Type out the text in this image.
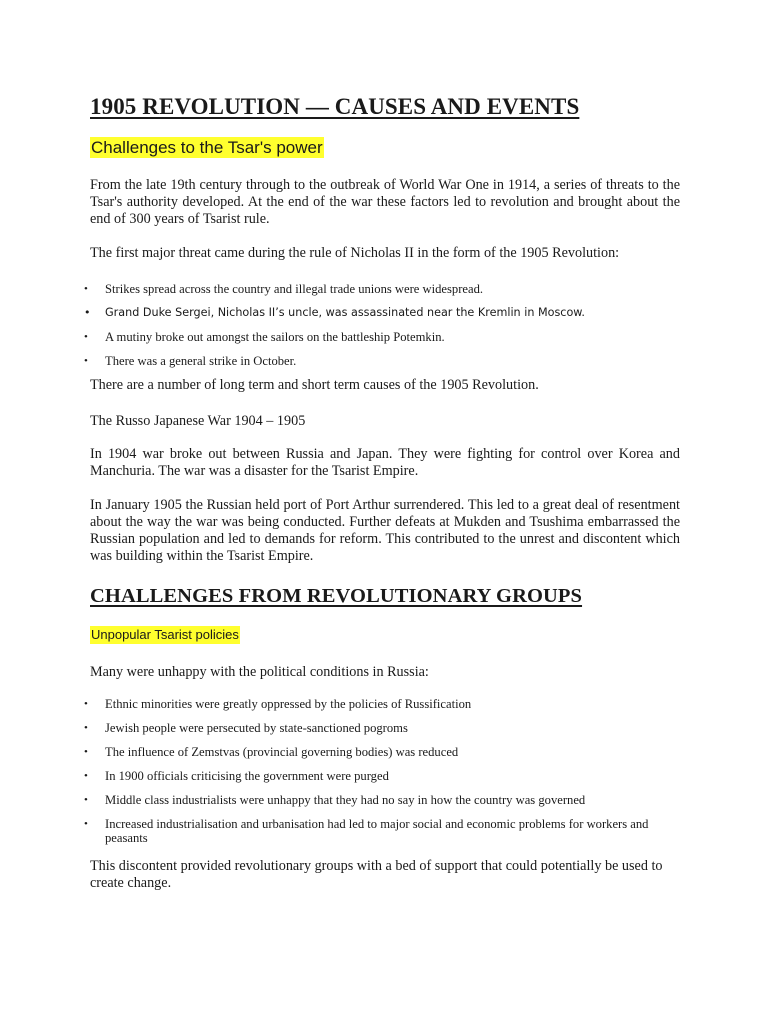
1905 REVOLUTION — CAUSES AND EVENTS
Challenges to the Tsar's power

From the late 19th century through to the outbreak of World War One in 1914, a series of threats to the Tsar's authority developed. At the end of the war these factors led to revolution and brought about the end of 300 years of Tsarist rule.

The first major threat came during the rule of Nicholas II in the form of the 1905 Revolution:

• Strikes spread across the country and illegal trade unions were widespread.
• Grand Duke Sergei, Nicholas II’s uncle, was assassinated near the Kremlin in Moscow.
• A mutiny broke out amongst the sailors on the battleship Potemkin.
• There was a general strike in October.

There are a number of long term and short term causes of the 1905 Revolution.

The Russo Japanese War 1904 – 1905

In 1904 war broke out between Russia and Japan. They were fighting for control over Korea and Manchuria. The war was a disaster for the Tsarist Empire.

In January 1905 the Russian held port of Port Arthur surrendered. This led to a great deal of resentment about the way the war was being conducted. Further defeats at Mukden and Tsushima embarrassed the Russian population and led to demands for reform. This contributed to the unrest and discontent which was building within the Tsarist Empire.

CHALLENGES FROM REVOLUTIONARY GROUPS
Unpopular Tsarist policies

Many were unhappy with the political conditions in Russia:

• Ethnic minorities were greatly oppressed by the policies of Russification
• Jewish people were persecuted by state-sanctioned pogroms
• The influence of Zemstvas (provincial governing bodies) was reduced
• In 1900 officials criticising the government were purged
• Middle class industrialists were unhappy that they had no say in how the country was governed
• Increased industrialisation and urbanisation had led to major social and economic problems for workers and peasants

This discontent provided revolutionary groups with a bed of support that could potentially be used to create change.
